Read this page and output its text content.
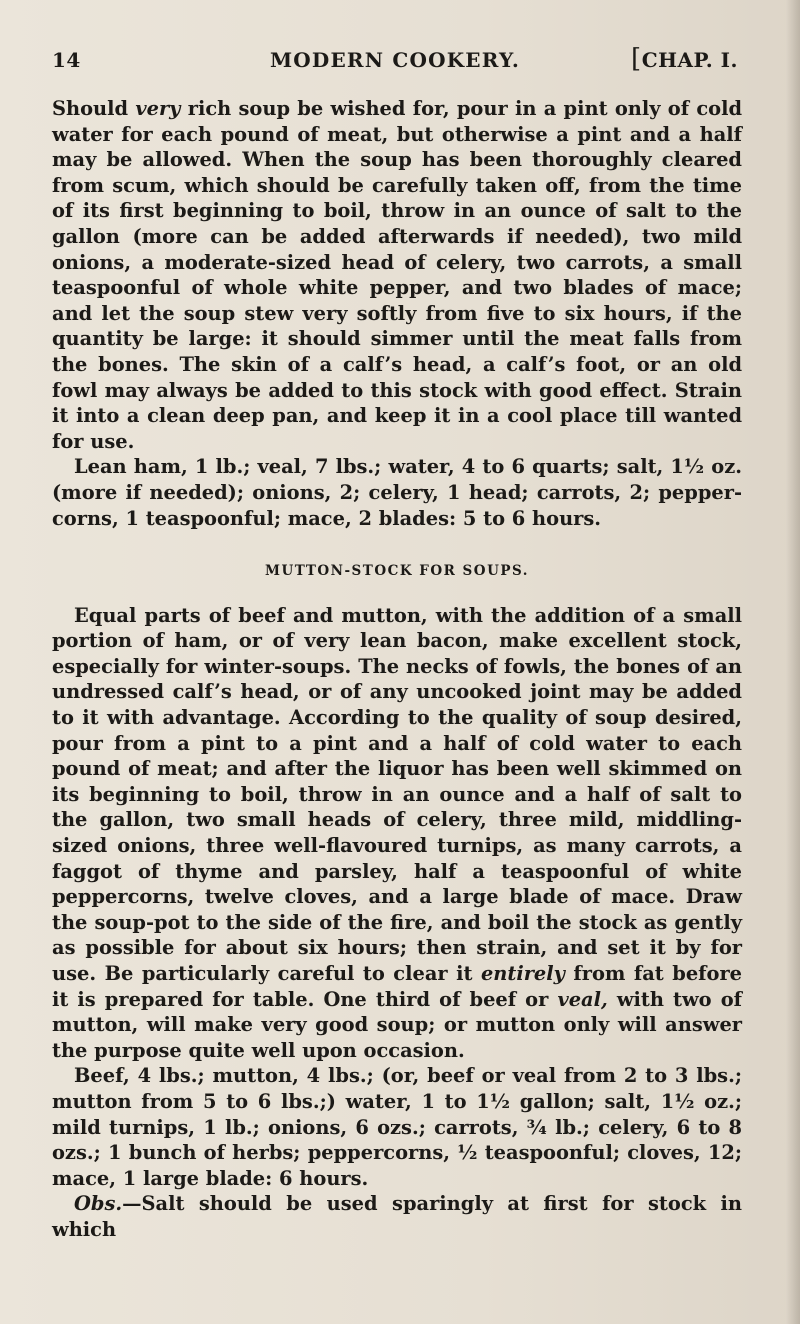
14	MODERN COOKERY.	[CHAP. I.

Should very rich soup be wished for, pour in a pint only of cold water for each pound of meat, but otherwise a pint and a half may be allowed. When the soup has been thoroughly cleared from scum, which should be carefully taken off, from the time of its first beginning to boil, throw in an ounce of salt to the gallon (more can be added afterwards if needed), two mild onions, a moderate-sized head of celery, two carrots, a small teaspoonful of whole white pepper, and two blades of mace; and let the soup stew very softly from five to six hours, if the quantity be large: it should simmer until the meat falls from the bones. The skin of a calf’s head, a calf’s foot, or an old fowl may always be added to this stock with good effect. Strain it into a clean deep pan, and keep it in a cool place till wanted for use.

Lean ham, 1 lb.; veal, 7 lbs.; water, 4 to 6 quarts; salt, 1½ oz. (more if needed); onions, 2; celery, 1 head; carrots, 2; pepper-corns, 1 teaspoonful; mace, 2 blades: 5 to 6 hours.

MUTTON-STOCK FOR SOUPS.

Equal parts of beef and mutton, with the addition of a small portion of ham, or of very lean bacon, make excellent stock, especially for winter-soups. The necks of fowls, the bones of an undressed calf’s head, or of any uncooked joint may be added to it with advantage. According to the quality of soup desired, pour from a pint to a pint and a half of cold water to each pound of meat; and after the liquor has been well skimmed on its beginning to boil, throw in an ounce and a half of salt to the gallon, two small heads of celery, three mild, middling-sized onions, three well-flavoured turnips, as many carrots, a faggot of thyme and parsley, half a teaspoonful of white peppercorns, twelve cloves, and a large blade of mace. Draw the soup-pot to the side of the fire, and boil the stock as gently as possible for about six hours; then strain, and set it by for use. Be particularly careful to clear it entirely from fat before it is prepared for table. One third of beef or veal, with two of mutton, will make very good soup; or mutton only will answer the purpose quite well upon occasion.

Beef, 4 lbs.; mutton, 4 lbs.; (or, beef or veal from 2 to 3 lbs.; mutton from 5 to 6 lbs.;) water, 1 to 1½ gallon; salt, 1½ oz.; mild turnips, 1 lb.; onions, 6 ozs.; carrots, ¾ lb.; celery, 6 to 8 ozs.; 1 bunch of herbs; peppercorns, ½ teaspoonful; cloves, 12; mace, 1 large blade: 6 hours.

Obs.—Salt should be used sparingly at first for stock in which
